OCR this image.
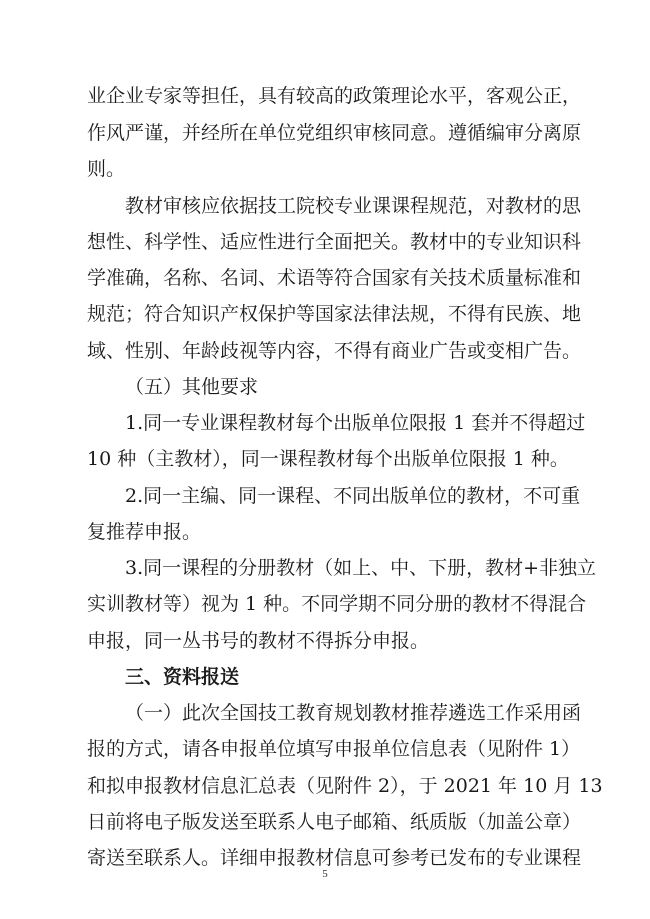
业企业专家等担任，具有较高的政策理论水平，客观公正，
作风严谨，并经所在单位党组织审核同意。遵循编审分离原
则。
教材审核应依据技工院校专业课课程规范，对教材的思
想性、科学性、适应性进行全面把关。教材中的专业知识科
学准确，名称、名词、术语等符合国家有关技术质量标准和
规范；符合知识产权保护等国家法律法规，不得有民族、地
域、性别、年龄歧视等内容，不得有商业广告或变相广告。
（五）其他要求
1.同一专业课程教材每个出版单位限报 1 套并不得超过
10 种（主教材），同一课程教材每个出版单位限报 1 种。
2.同一主编、同一课程、不同出版单位的教材，不可重
复推荐申报。
3.同一课程的分册教材（如上、中、下册，教材+非独立
实训教材等）视为 1 种。不同学期不同分册的教材不得混合
申报，同一丛书号的教材不得拆分申报。
三、资料报送
（一）此次全国技工教育规划教材推荐遴选工作采用函
报的方式，请各申报单位填写申报单位信息表（见附件 1）
和拟申报教材信息汇总表（见附件 2），于 2021 年 10 月 13
日前将电子版发送至联系人电子邮箱、纸质版（加盖公章）
寄送至联系人。详细申报教材信息可参考已发布的专业课程
5
